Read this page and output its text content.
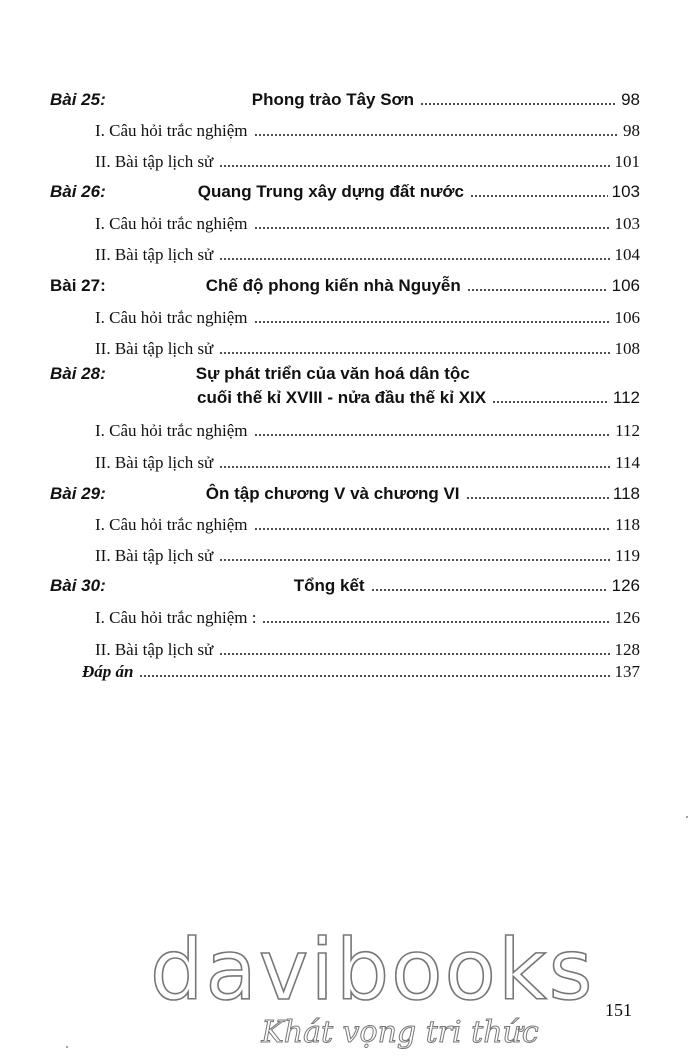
Bài 25:	Phong trào Tây Sơn	98
I. Câu hỏi trắc nghiệm	98
II. Bài tập lịch sử	101
Bài 26:	Quang Trung xây dựng đất nước	103
I. Câu hỏi trắc nghiệm	103
II. Bài tập lịch sử	104
Bài 27:	Chế độ phong kiến nhà Nguyễn	106
I. Câu hỏi trắc nghiệm	106
II. Bài tập lịch sử	108
Bài 28:	Sự phát triển của văn hoá dân tộc
cuối thế kỉ XVIII - nửa đầu thế kỉ XIX	112
I. Câu hỏi trắc nghiệm	112
II. Bài tập lịch sử	114
Bài 29:	Ôn tập chương V và chương VI	118
I. Câu hỏi trắc nghiệm	118
II. Bài tập lịch sử	119
Bài 30:	Tổng kết	126
I. Câu hỏi trắc nghiệm :	126
II. Bài tập lịch sử	128
Đáp án	137
davibooks
Khát vọng tri thức
151
